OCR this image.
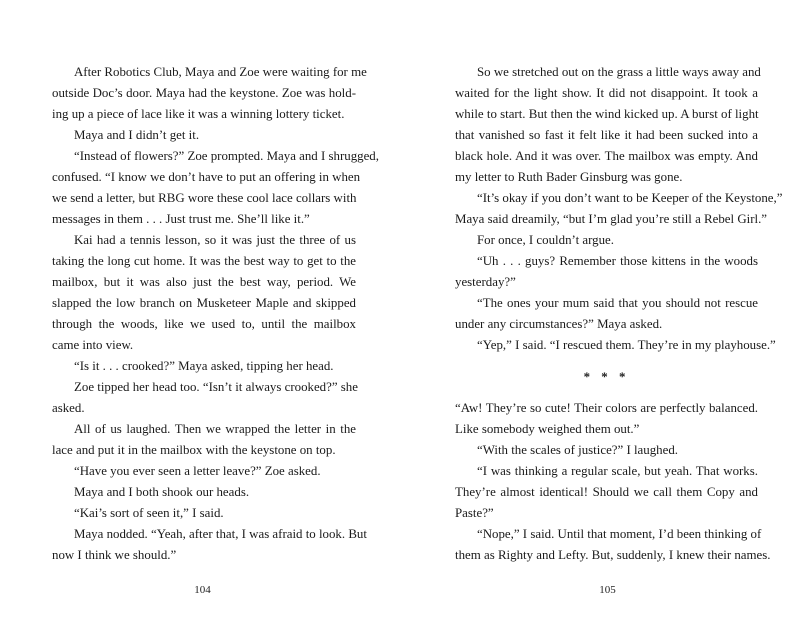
After Robotics Club, Maya and Zoe were waiting for me
outside Doc’s door. Maya had the keystone. Zoe was hold-
ing up a piece of lace like it was a winning lottery ticket.
Maya and I didn’t get it.
“Instead of flowers?” Zoe prompted. Maya and I shrugged,
confused. “I know we don’t have to put an offering in when
we send a letter, but RBG wore these cool lace collars with
messages in them . . . Just trust me. She’ll like it.”
Kai had a tennis lesson, so it was just the three of us
taking the long cut home. It was the best way to get to the
mailbox, but it was also just the best way, period. We
slapped the low branch on Musketeer Maple and skipped
through the woods, like we used to, until the mailbox
came into view.
“Is it . . . crooked?” Maya asked, tipping her head.
Zoe tipped her head too. “Isn’t it always crooked?” she
asked.
All of us laughed. Then we wrapped the letter in the
lace and put it in the mailbox with the keystone on top.
“Have you ever seen a letter leave?” Zoe asked.
Maya and I both shook our heads.
“Kai’s sort of seen it,” I said.
Maya nodded. “Yeah, after that, I was afraid to look. But
now I think we should.”
104
So we stretched out on the grass a little ways away and
waited for the light show. It did not disappoint. It took a
while to start. But then the wind kicked up. A burst of light
that vanished so fast it felt like it had been sucked into a
black hole. And it was over. The mailbox was empty. And
my letter to Ruth Bader Ginsburg was gone.
“It’s okay if you don’t want to be Keeper of the Keystone,”
Maya said dreamily, “but I’m glad you’re still a Rebel Girl.”
For once, I couldn’t argue.
“Uh . . . guys? Remember those kittens in the woods
yesterday?”
“The ones your mum said that you should not rescue
under any circumstances?” Maya asked.
“Yep,” I said. “I rescued them. They’re in my playhouse.”
* * *
“Aw! They’re so cute! Their colors are perfectly balanced.
Like somebody weighed them out.”
“With the scales of justice?” I laughed.
“I was thinking a regular scale, but yeah. That works.
They’re almost identical! Should we call them Copy and
Paste?”
“Nope,” I said. Until that moment, I’d been thinking of
them as Righty and Lefty. But, suddenly, I knew their names.
105
